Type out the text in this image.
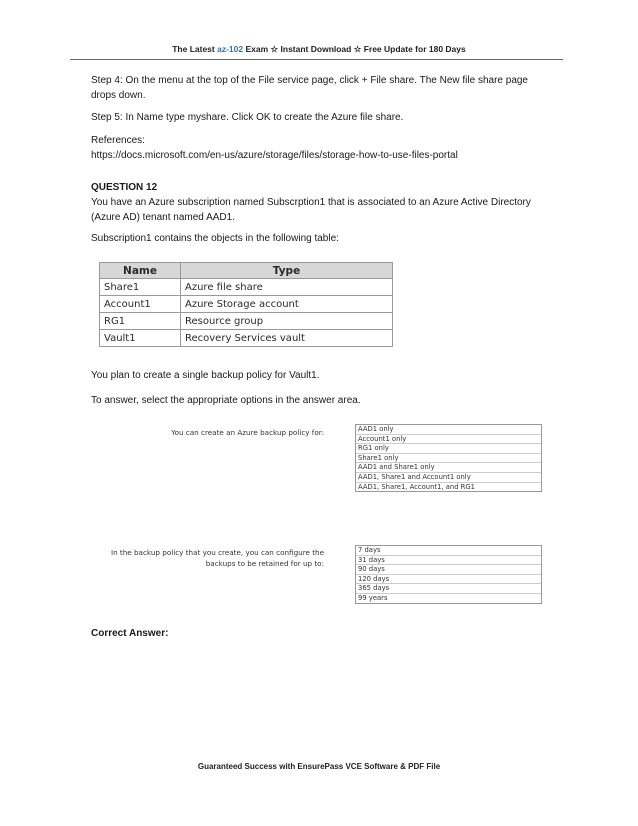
The Latest az-102 Exam ☆ Instant Download ☆ Free Update for 180 Days
Step 4: On the menu at the top of the File service page, click + File share. The New file share page drops down.
Step 5: In Name type myshare. Click OK to create the Azure file share.
References:
https://docs.microsoft.com/en-us/azure/storage/files/storage-how-to-use-files-portal
QUESTION 12
You have an Azure subscription named Subscrption1 that is associated to an Azure Active Directory (Azure AD) tenant named AAD1.
Subscription1 contains the objects in the following table:
Name	Type
Share1	Azure file share
Account1	Azure Storage account
RG1	Resource group
Vault1	Recovery Services vault
You plan to create a single backup policy for Vault1.
To answer, select the appropriate options in the answer area.
You can create an Azure backup policy for:	AAD1 only
Account1 only
RG1 only
Share1 only
AAD1 and Share1 only
AAD1, Share1 and Account1 only
AAD1, Share1, Account1, and RG1
In the backup policy that you create, you can configure the
backups to be retained for up to:
7 days
31 days
90 days
120 days
365 days
99 years
Correct Answer:
Guaranteed Success with EnsurePass VCE Software & PDF File
